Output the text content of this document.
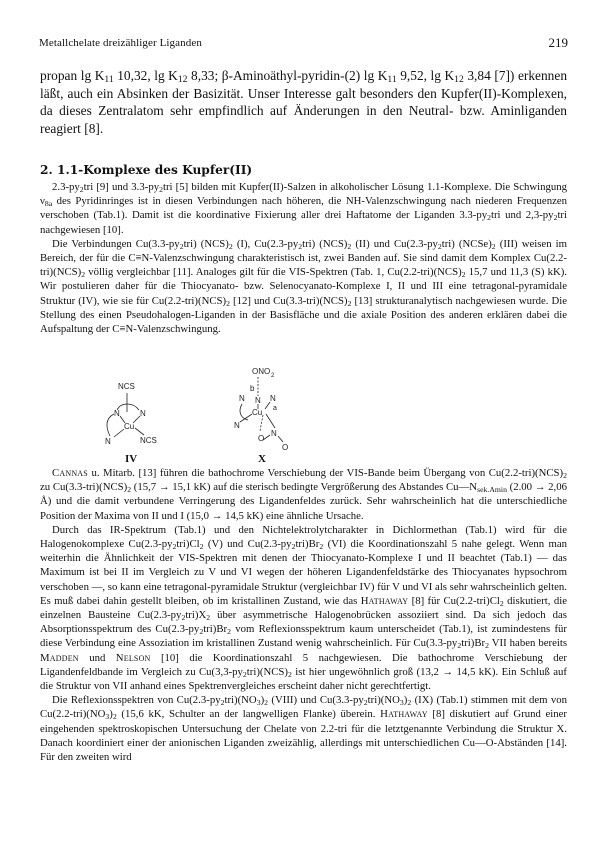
Metallchelate dreizähliger Liganden	219

propan $\lg K_{11}$ 10,32, $\lg K_{12}$ 8,33; β-Aminoäthyl-pyridin-(2) $\lg K_{11}$ 9,52, $\lg K_{12}$ 3,84 [7]) erkennen läßt, auch ein Absinken der Basizität. Unser Interesse galt besonders den Kupfer(II)-Komplexen, da dieses Zentralatom sehr empfindlich auf Änderungen in den Neutral- bzw. Aminliganden reagiert [8].

2. 1.1-Komplexe des Kupfer(II)

$2.3-py_2tri$ [9] und $3.3-py_2tri$ [5] bilden mit Kupfer(II)-Salzen in alkoholischer Lösung 1.1-Komplexe. Die Schwingung $\nu_{8a}$ des Pyridinringes ist in diesen Verbindungen nach höheren, die NH-Valenzschwingung nach niederen Frequenzen verschoben (Tab.1). Damit ist die koordinative Fixierung aller drei Haftatome der Liganden $3.3-py_2tri$ und $2,3-py_2tri$ nachgewiesen [10].

Die Verbindungen $Cu(3.3-py_2tri)$ $(NCS)_2$ (I), $Cu(2.3-py_2tri)$ $(NCS)_2$ (II) und $Cu(2.3-py_2tri)$ $(NCSe)_2$ (III) weisen im Bereich, der für die C≡N-Valenzschwingung charakteristisch ist, zwei Banden auf. Sie sind damit dem Komplex $Cu(2.2-tri)(NCS)_2$ völlig vergleichbar [11]. Analoges gilt für die VIS-Spektren (Tab. 1, $Cu(2.2-tri)(NCS)_2$ 15,7 und 11,3 (S) kK). Wir postulieren daher für die Thiocyanato- bzw. Selenocyanato-Komplexe I, II und III eine tetragonal-pyramidale Struktur (IV), wie sie für $Cu(2.2-tri)(NCS)_2$ [12] und $Cu(3.3-tri)(NCS)_2$ [13] strukturanalytisch nachgewiesen wurde. Die Stellung des einen Pseudohalogen-Liganden in der Basisfläche und die axiale Position des anderen erklären dabei die Aufspaltung der C≡N-Valenzschwingung.

NCS
N	N
Cu
N	NCS
IV
ONO 2
b
N N N
Cu a
N
N
O
O
X

Cannas u. Mitarb. [13] führen die bathochrome Verschiebung der VIS-Bande beim Übergang von $Cu(2.2-tri)(NCS)_2$ zu $Cu(3.3-tri)(NCS)_2$ (15,7 → 15,1 kK) auf die sterisch bedingte Vergrößerung des Abstandes $Cu—N_{sek.Amin}$ (2.00 → 2,06 Å) und die damit verbundene Verringerung des Ligandenfeldes zurück. Sehr wahrscheinlich hat die unterschiedliche Position der Maxima von II und I (15,0 → 14,5 kK) eine ähnliche Ursache.

Durch das IR-Spektrum (Tab.1) und den Nichtelektrolytcharakter in Dichlormethan (Tab.1) wird für die Halogenokomplexe $Cu(2.3-py_2tri)Cl_2$ (V) und $Cu(2.3-py_2tri)Br_2$ (VI) die Koordinationszahl 5 nahe gelegt. Wenn man weiterhin die Ähnlichkeit der VIS-Spektren mit denen der Thiocyanato-Komplexe I und II beachtet (Tab.1) — das Maximum ist bei II im Vergleich zu V und VI wegen der höheren Ligandenfeldstärke des Thiocyanates hypsochrom verschoben —, so kann eine tetragonal-pyramidale Struktur (vergleichbar IV) für V und VI als sehr wahrscheinlich gelten. Es muß dabei dahin gestellt bleiben, ob im kristallinen Zustand, wie das Hathaway [8] für $Cu(2.2-tri)Cl_2$ diskutiert, die einzelnen Bausteine $Cu(2.3-py_2tri)X_2$ über asymmetrische Halogenobrücken assoziiert sind. Da sich jedoch das Absorptionsspektrum des $Cu(2.3-py_2tri)Br_2$ vom Reflexionsspektrum kaum unterscheidet (Tab.1), ist zumindestens für diese Verbindung eine Assoziation im kristallinen Zustand wenig wahrscheinlich. Für $Cu(3.3-py_2tri)Br_2$ VII haben bereits Madden und Nelson [10] die Koordinationszahl 5 nachgewiesen. Die bathochrome Verschiebung der Ligandenfeldbande im Vergleich zu $Cu(3,3-py_2tri)(NCS)_2$ ist hier ungewöhnlich groß (13,2 → 14,5 kK). Ein Schluß auf die Struktur von VII anhand eines Spektrenvergleiches erscheint daher nicht gerechtfertigt.

Die Reflexionsspektren von $Cu(2.3-py_2tri)(NO_3)_2$ (VIII) und $Cu(3.3-py_2tri)(NO_3)_2$ (IX) (Tab.1) stimmen mit dem von $Cu(2.2-tri)(NO_3)_2$ (15,6 kK, Schulter an der langwelligen Flanke) überein. Hathaway [8] diskutiert auf Grund einer eingehenden spektroskopischen Untersuchung der Chelate von 2.2-tri für die letztgenannte Verbindung die Struktur X. Danach koordiniert einer der anionischen Liganden zweizählig, allerdings mit unterschiedlichen Cu—O-Abständen [14]. Für den zweiten wird
